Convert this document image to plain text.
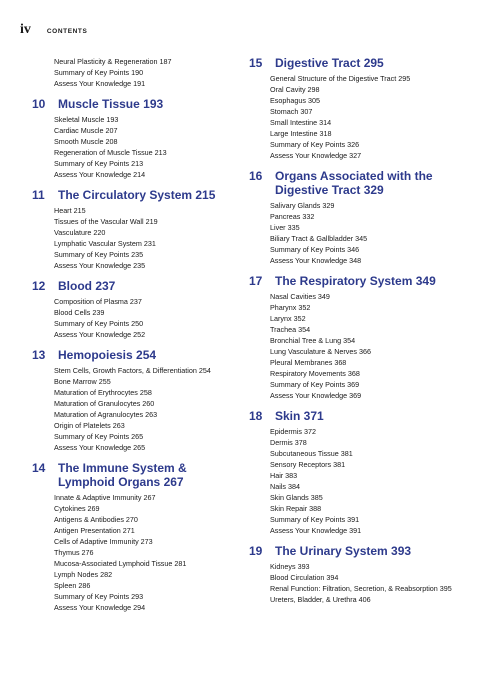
iv CONTENTS
Neural Plasticity & Regeneration 187
Summary of Key Points 190
Assess Your Knowledge 191
10	Muscle Tissue 193
Skeletal Muscle 193
Cardiac Muscle 207
Smooth Muscle 208
Regeneration of Muscle Tissue 213
Summary of Key Points 213
Assess Your Knowledge 214
11	The Circulatory System 215
Heart 215
Tissues of the Vascular Wall 219
Vasculature 220
Lymphatic Vascular System 231
Summary of Key Points 235
Assess Your Knowledge 235
12	Blood 237
Composition of Plasma 237
Blood Cells 239
Summary of Key Points 250
Assess Your Knowledge 252
13	Hemopoiesis 254
Stem Cells, Growth Factors, & Differentiation 254
Bone Marrow 255
Maturation of Erythrocytes 258
Maturation of Granulocytes 260
Maturation of Agranulocytes 263
Origin of Platelets 263
Summary of Key Points 265
Assess Your Knowledge 265
14	The Immune System & Lymphoid Organs 267
Innate & Adaptive Immunity 267
Cytokines 269
Antigens & Antibodies 270
Antigen Presentation 271
Cells of Adaptive Immunity 273
Thymus 276
Mucosa-Associated Lymphoid Tissue 281
Lymph Nodes 282
Spleen 286
Summary of Key Points 293
Assess Your Knowledge 294
15	Digestive Tract 295
General Structure of the Digestive Tract 295
Oral Cavity 298
Esophagus 305
Stomach 307
Small Intestine 314
Large Intestine 318
Summary of Key Points 326
Assess Your Knowledge 327
16	Organs Associated with the Digestive Tract 329
Salivary Glands 329
Pancreas 332
Liver 335
Biliary Tract & Gallbladder 345
Summary of Key Points 346
Assess Your Knowledge 348
17	The Respiratory System 349
Nasal Cavities 349
Pharynx 352
Larynx 352
Trachea 354
Bronchial Tree & Lung 354
Lung Vasculature & Nerves 366
Pleural Membranes 368
Respiratory Movements 368
Summary of Key Points 369
Assess Your Knowledge 369
18	Skin 371
Epidermis 372
Dermis 378
Subcutaneous Tissue 381
Sensory Receptors 381
Hair 383
Nails 384
Skin Glands 385
Skin Repair 388
Summary of Key Points 391
Assess Your Knowledge 391
19	The Urinary System 393
Kidneys 393
Blood Circulation 394
Renal Function: Filtration, Secretion, & Reabsorption 395
Ureters, Bladder, & Urethra 406
